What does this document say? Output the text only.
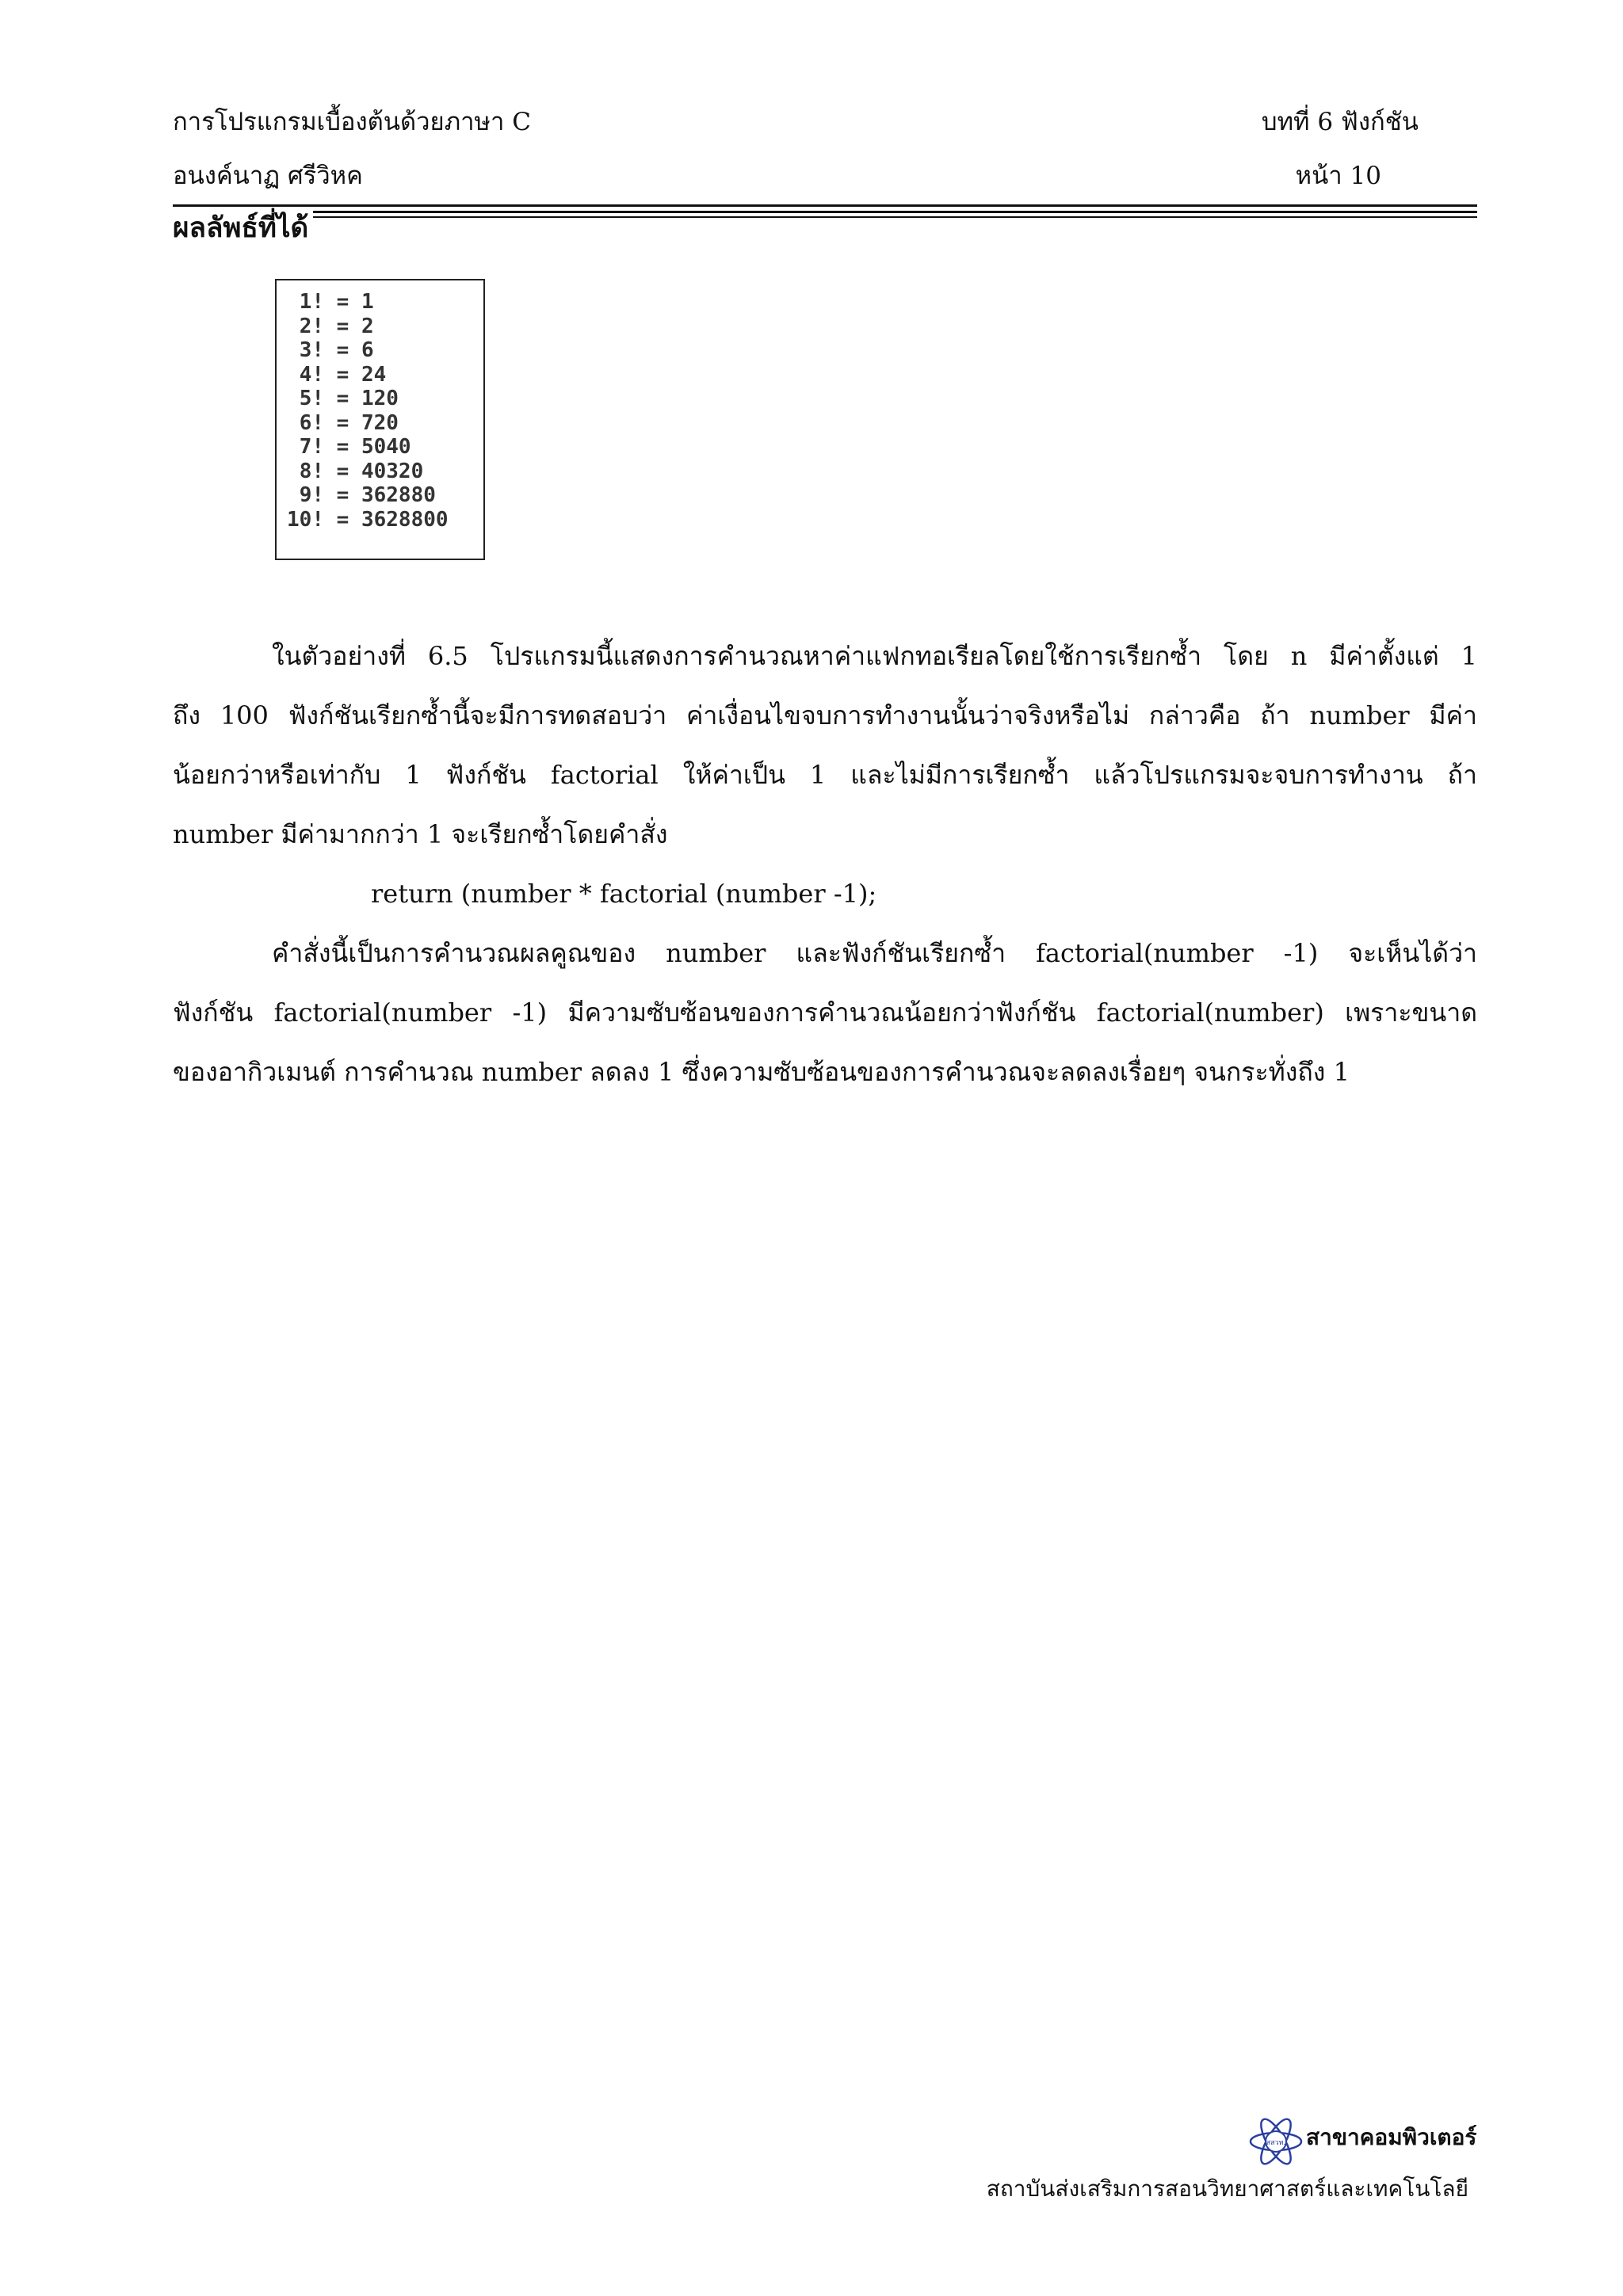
การโปรแกรมเบื้องต้นด้วยภาษา C	บทที่ 6 ฟังก์ชัน
อนงค์นาฏ ศรีวิหค	หน้า 10
ผลลัพธ์ที่ได้
1! = 1
2! = 2
3! = 6
4! = 24
5! = 120
6! = 720
7! = 5040
8! = 40320
9! = 362880
10! = 3628800
ในตัวอย่างที่ 6.5 โปรแกรมนี้แสดงการคำนวณหาค่าแฟกทอเรียลโดยใช้การเรียกซ้ำ โดย n มีค่าตั้งแต่ 1
ถึง 100 ฟังก์ชันเรียกซ้ำนี้จะมีการทดสอบว่า ค่าเงื่อนไขจบการทำงานนั้นว่าจริงหรือไม่ กล่าวคือ ถ้า number มีค่า
น้อยกว่าหรือเท่ากับ 1 ฟังก์ชัน factorial ให้ค่าเป็น 1 และไม่มีการเรียกซ้ำ แล้วโปรแกรมจะจบการทำงาน ถ้า
number มีค่ามากกว่า 1 จะเรียกซ้ำโดยคำสั่ง
return (number * factorial (number -1);
คำสั่งนี้เป็นการคำนวณผลคูณของ number และฟังก์ชันเรียกซ้ำ factorial(number -1) จะเห็นได้ว่า
ฟังก์ชัน factorial(number -1) มีความซับซ้อนของการคำนวณน้อยกว่าฟังก์ชัน factorial(number) เพราะขนาด
ของอากิวเมนต์ การคำนวณ number ลดลง 1 ซึ่งความซับซ้อนของการคำนวณจะลดลงเรื่อยๆ จนกระทั่งถึง 1
สสวท. สาขาคอมพิวเตอร์
สถาบันส่งเสริมการสอนวิทยาศาสตร์และเทคโนโลยี
